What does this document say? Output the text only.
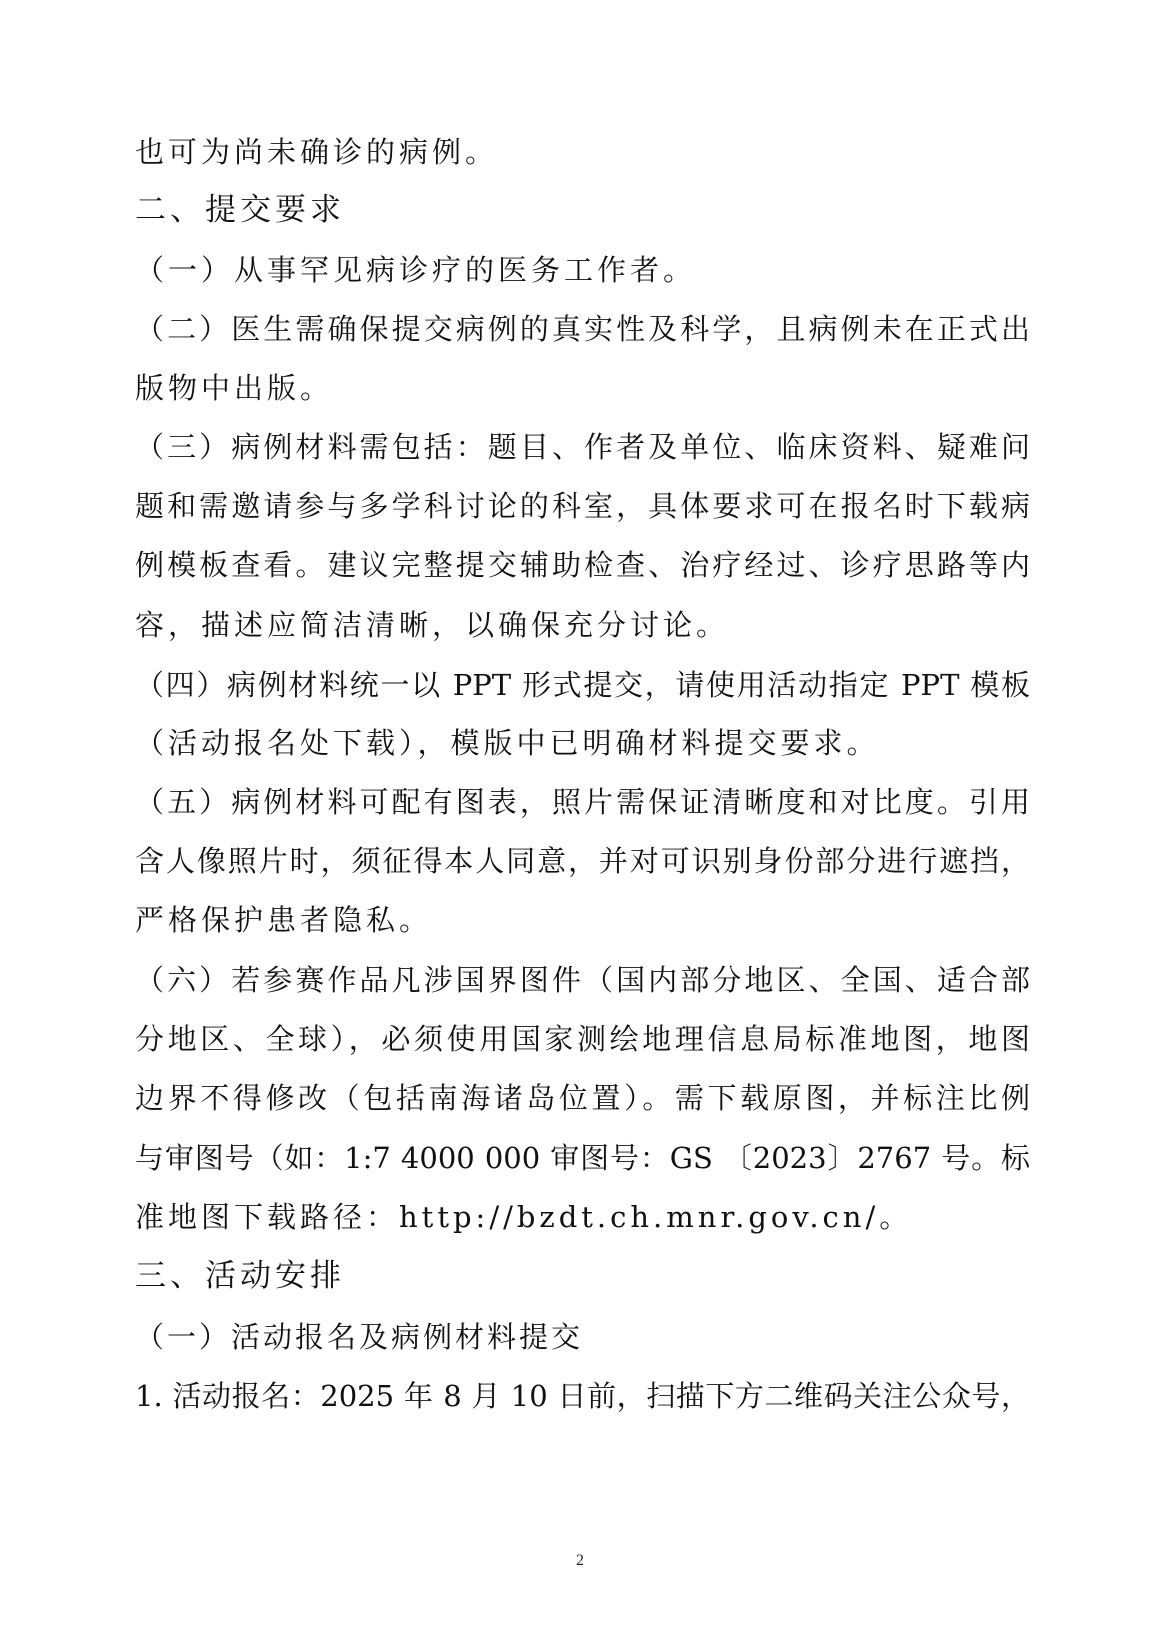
也可为尚未确诊的病例。
二、提交要求
（一）从事罕见病诊疗的医务工作者。
（二）医生需确保提交病例的真实性及科学，且病例未在正式出
版物中出版。
（三）病例材料需包括：题目、作者及单位、临床资料、疑难问
题和需邀请参与多学科讨论的科室，具体要求可在报名时下载病
例模板查看。建议完整提交辅助检查、治疗经过、诊疗思路等内
容，描述应简洁清晰，以确保充分讨论。
（四）病例材料统一以 PPT 形式提交，请使用活动指定 PPT 模板
（活动报名处下载），模版中已明确材料提交要求。
（五）病例材料可配有图表，照片需保证清晰度和对比度。引用
含人像照片时，须征得本人同意，并对可识别身份部分进行遮挡，
严格保护患者隐私。
（六）若参赛作品凡涉国界图件（国内部分地区、全国、适合部
分地区、全球），必须使用国家测绘地理信息局标准地图，地图
边界不得修改（包括南海诸岛位置）。需下载原图，并标注比例
与审图号（如：1:7 4000 000 审图号：GS 〔2023〕2767 号。标
准地图下载路径：http://bzdt.ch.mnr.gov.cn/。
三、活动安排
（一）活动报名及病例材料提交
1. 活动报名：2025 年 8 月 10 日前，扫描下方二维码关注公众号，
2
